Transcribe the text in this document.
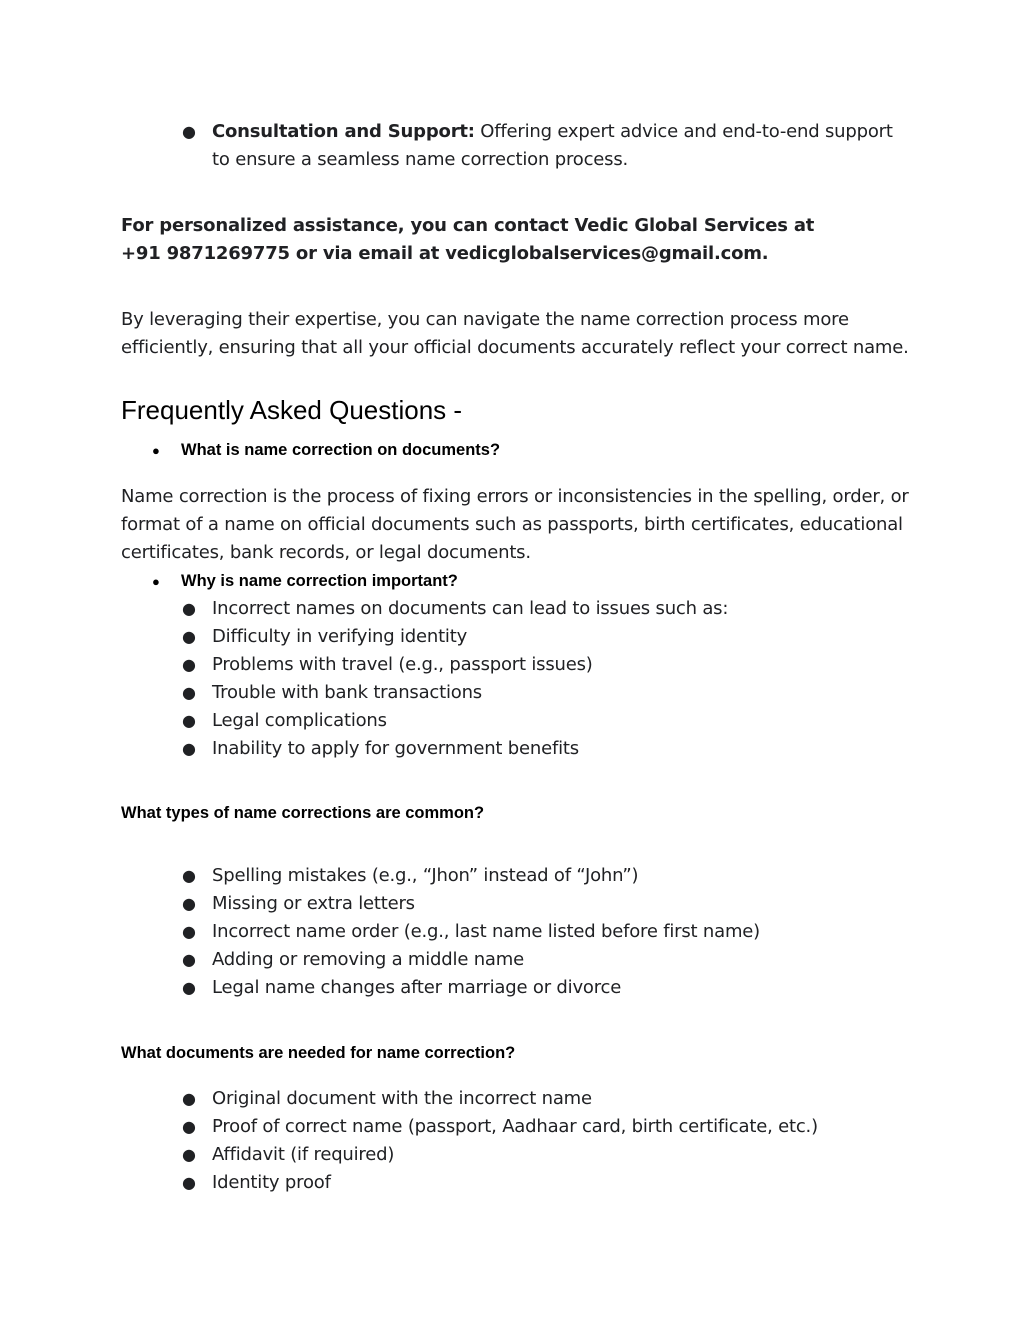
● Consultation and Support: Offering expert advice and end-to-end support to ensure a seamless name correction process.
For personalized assistance, you can contact Vedic Global Services at +91 9871269775 or via email at vedicglobalservices@gmail.com.
By leveraging their expertise, you can navigate the name correction process more efficiently, ensuring that all your official documents accurately reflect your correct name.
Frequently Asked Questions -
● What is name correction on documents?
Name correction is the process of fixing errors or inconsistencies in the spelling, order, or format of a name on official documents such as passports, birth certificates, educational certificates, bank records, or legal documents.
● Why is name correction important?
● Incorrect names on documents can lead to issues such as:
● Difficulty in verifying identity
● Problems with travel (e.g., passport issues)
● Trouble with bank transactions
● Legal complications
● Inability to apply for government benefits
What types of name corrections are common?
● Spelling mistakes (e.g., “Jhon” instead of “John”)
● Missing or extra letters
● Incorrect name order (e.g., last name listed before first name)
● Adding or removing a middle name
● Legal name changes after marriage or divorce
What documents are needed for name correction?
● Original document with the incorrect name
● Proof of correct name (passport, Aadhaar card, birth certificate, etc.)
● Affidavit (if required)
● Identity proof
